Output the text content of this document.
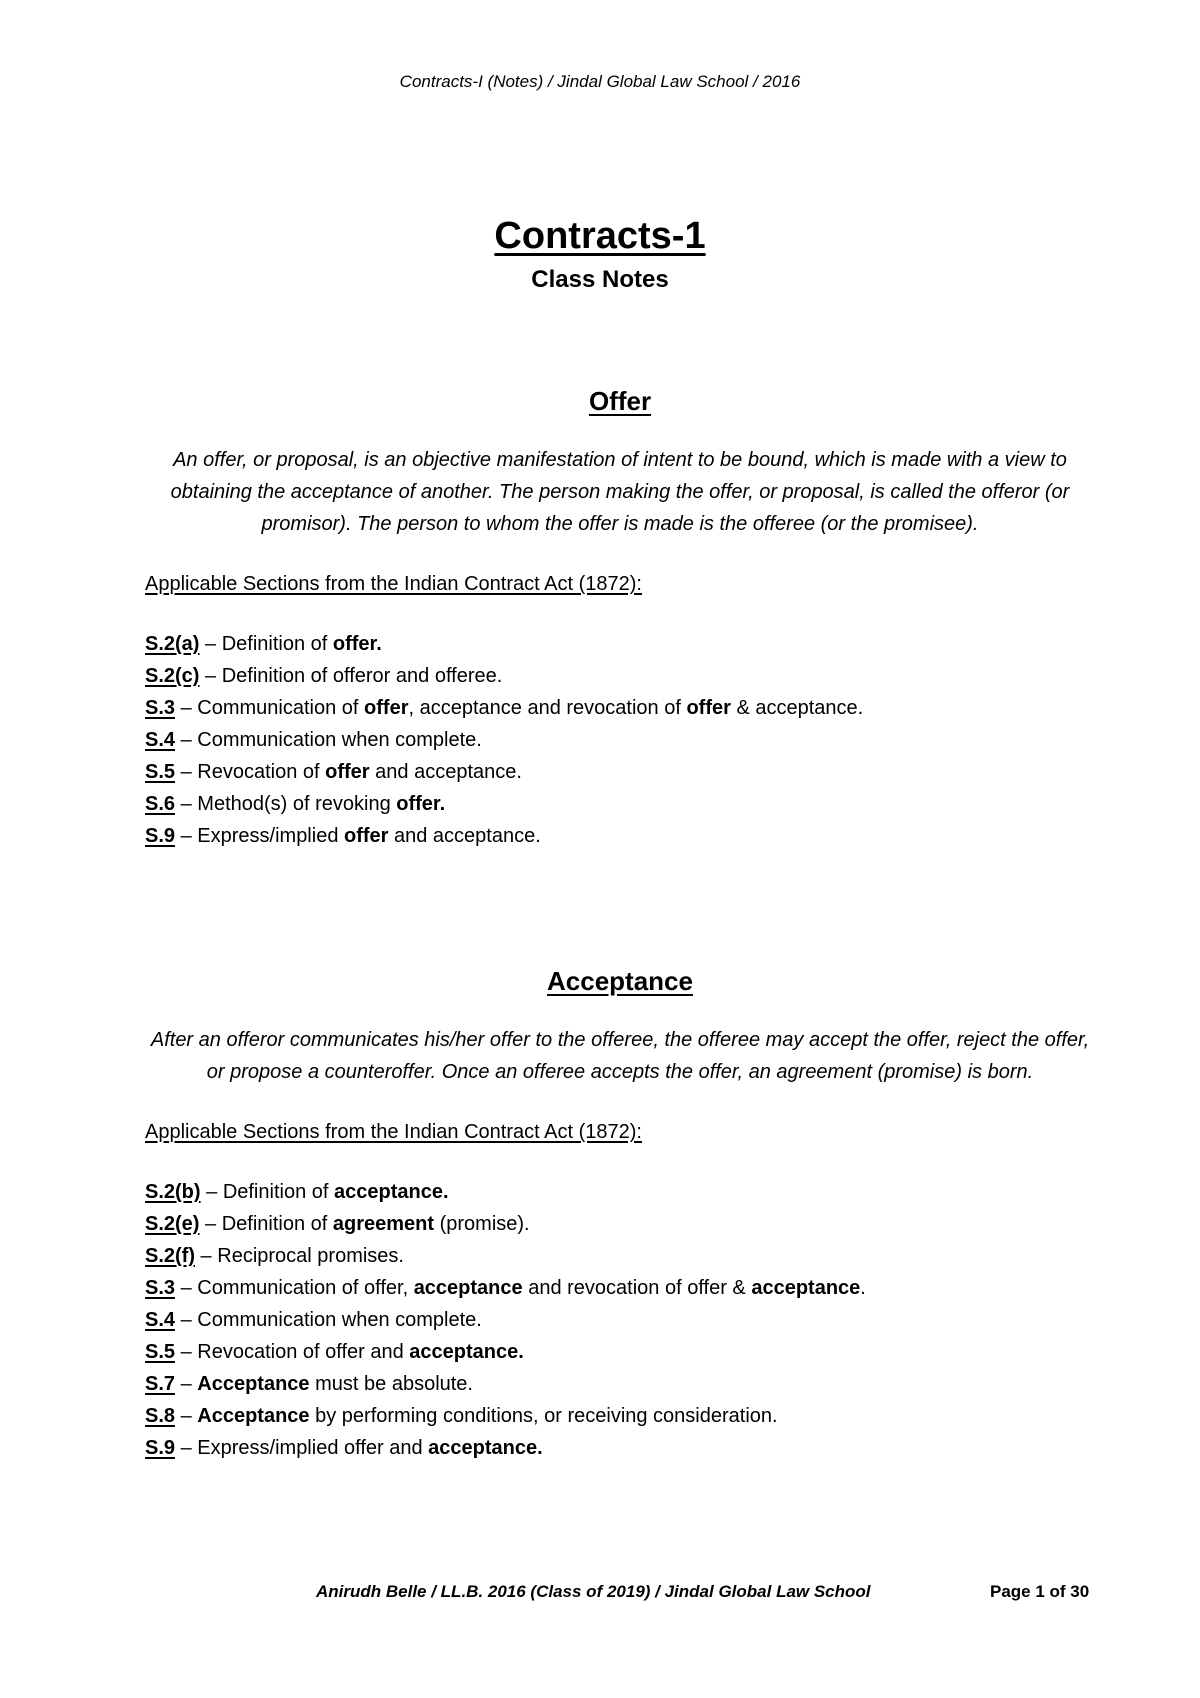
Contracts-I (Notes) / Jindal Global Law School / 2016
Contracts-1
Class Notes
Offer

An offer, or proposal, is an objective manifestation of intent to be bound, which is made with a view to obtaining the acceptance of another. The person making the offer, or proposal, is called the offeror (or promisor). The person to whom the offer is made is the offeree (or the promisee).

Applicable Sections from the Indian Contract Act (1872):
S.2(a) – Definition of offer.
S.2(c) – Definition of offeror and offeree.
S.3 – Communication of offer, acceptance and revocation of offer & acceptance.
S.4 – Communication when complete.
S.5 – Revocation of offer and acceptance.
S.6 – Method(s) of revoking offer.
S.9 – Express/implied offer and acceptance.
Acceptance

After an offeror communicates his/her offer to the offeree, the offeree may accept the offer, reject the offer, or propose a counteroffer. Once an offeree accepts the offer, an agreement (promise) is born.

Applicable Sections from the Indian Contract Act (1872):
S.2(b) – Definition of acceptance.
S.2(e) – Definition of agreement (promise).
S.2(f) – Reciprocal promises.
S.3 – Communication of offer, acceptance and revocation of offer & acceptance.
S.4 – Communication when complete.
S.5 – Revocation of offer and acceptance.
S.7 – Acceptance must be absolute.
S.8 – Acceptance by performing conditions, or receiving consideration.
S.9 – Express/implied offer and acceptance.
Anirudh Belle / LL.B. 2016 (Class of 2019) / Jindal Global Law School	Page 1 of 30
